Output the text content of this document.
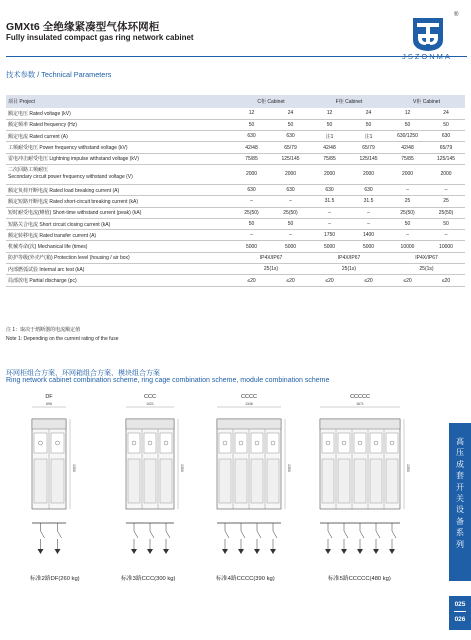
GMXt6 全绝缘紧凑型气体环网柜
Fully insulated compact gas ring network cabinet
®
技术参数 / Technical Parameters
项目 Project	C柜 Cabinet		F柜 Cabinet		V柜 Cabinet	
额定电压 Rated voltage (kV)	12	24	12	24	12	24
额定频率 Rated frequency (Hz)	50	50	50	50	50	50
额定电流 Rated current (A)	630	630	注1	注1	630/1250	630
工频耐受电压 Power frequency withstand voltage (kV)	42/48	65/79	42/48	65/79	42/48	65/79
雷电冲击耐受电压 Lightning impulse withstand voltage (kV)	75/85	125/145	75/85	125/145	75/85	125/145
二次回路工频耐压
Secondary circuit power frequency withstand voltage (V)	2000	2000	2000	2000	2000	2000
额定负荷开断电流 Rated load breaking current (A)	630	630	630	630	–	–
额定短路开断电流 Rated short-circuit breaking current (kA)	–	–	31.5	31.5	25	25
短时耐受电流(峰值) Short-time withstand current (peak) (kA)	25(50)	25(50)	–	–	25(50)	25(50)
短路关合电流 Short circuit closing current (kA)	50	50	–	–	50	50
额定转移电流 Rated transfer current (A)	–	–	1750	1400	–	–
机械寿命(次) Mechanical life (times)	5000	5000	5000	5000	10000	10000
防护等级(外壳/气箱) Protection level (housing / air box)	IP4X/IP67		IP4X/IP67		IP4X/IP67	
内部燃弧试验 Internal arc test (kA)	25(1s)		25(1s)		25(1s)	
局部放电 Partial discharge (pc)	≤20	≤20	≤20	≤20	≤20	≤20
注 1：取决于熔断器的电流额定值
Note 1: Depending on the current rating of the fuse
环网柜组合方案、环网箱组合方案、模块组合方案
Ring network cabinet combination scheme, ring cage combination scheme, module combination scheme
DF
696
1350
CCC
1021
1350
CCCC
1346
1350
CCCCC
1671
1350
标准2路DF(260 kg)	标准3路CCC(300 kg)	标准4路CCCC(390 kg)	标准5路CCCCC(480 kg)
高压成套开关设备系列
025
026
